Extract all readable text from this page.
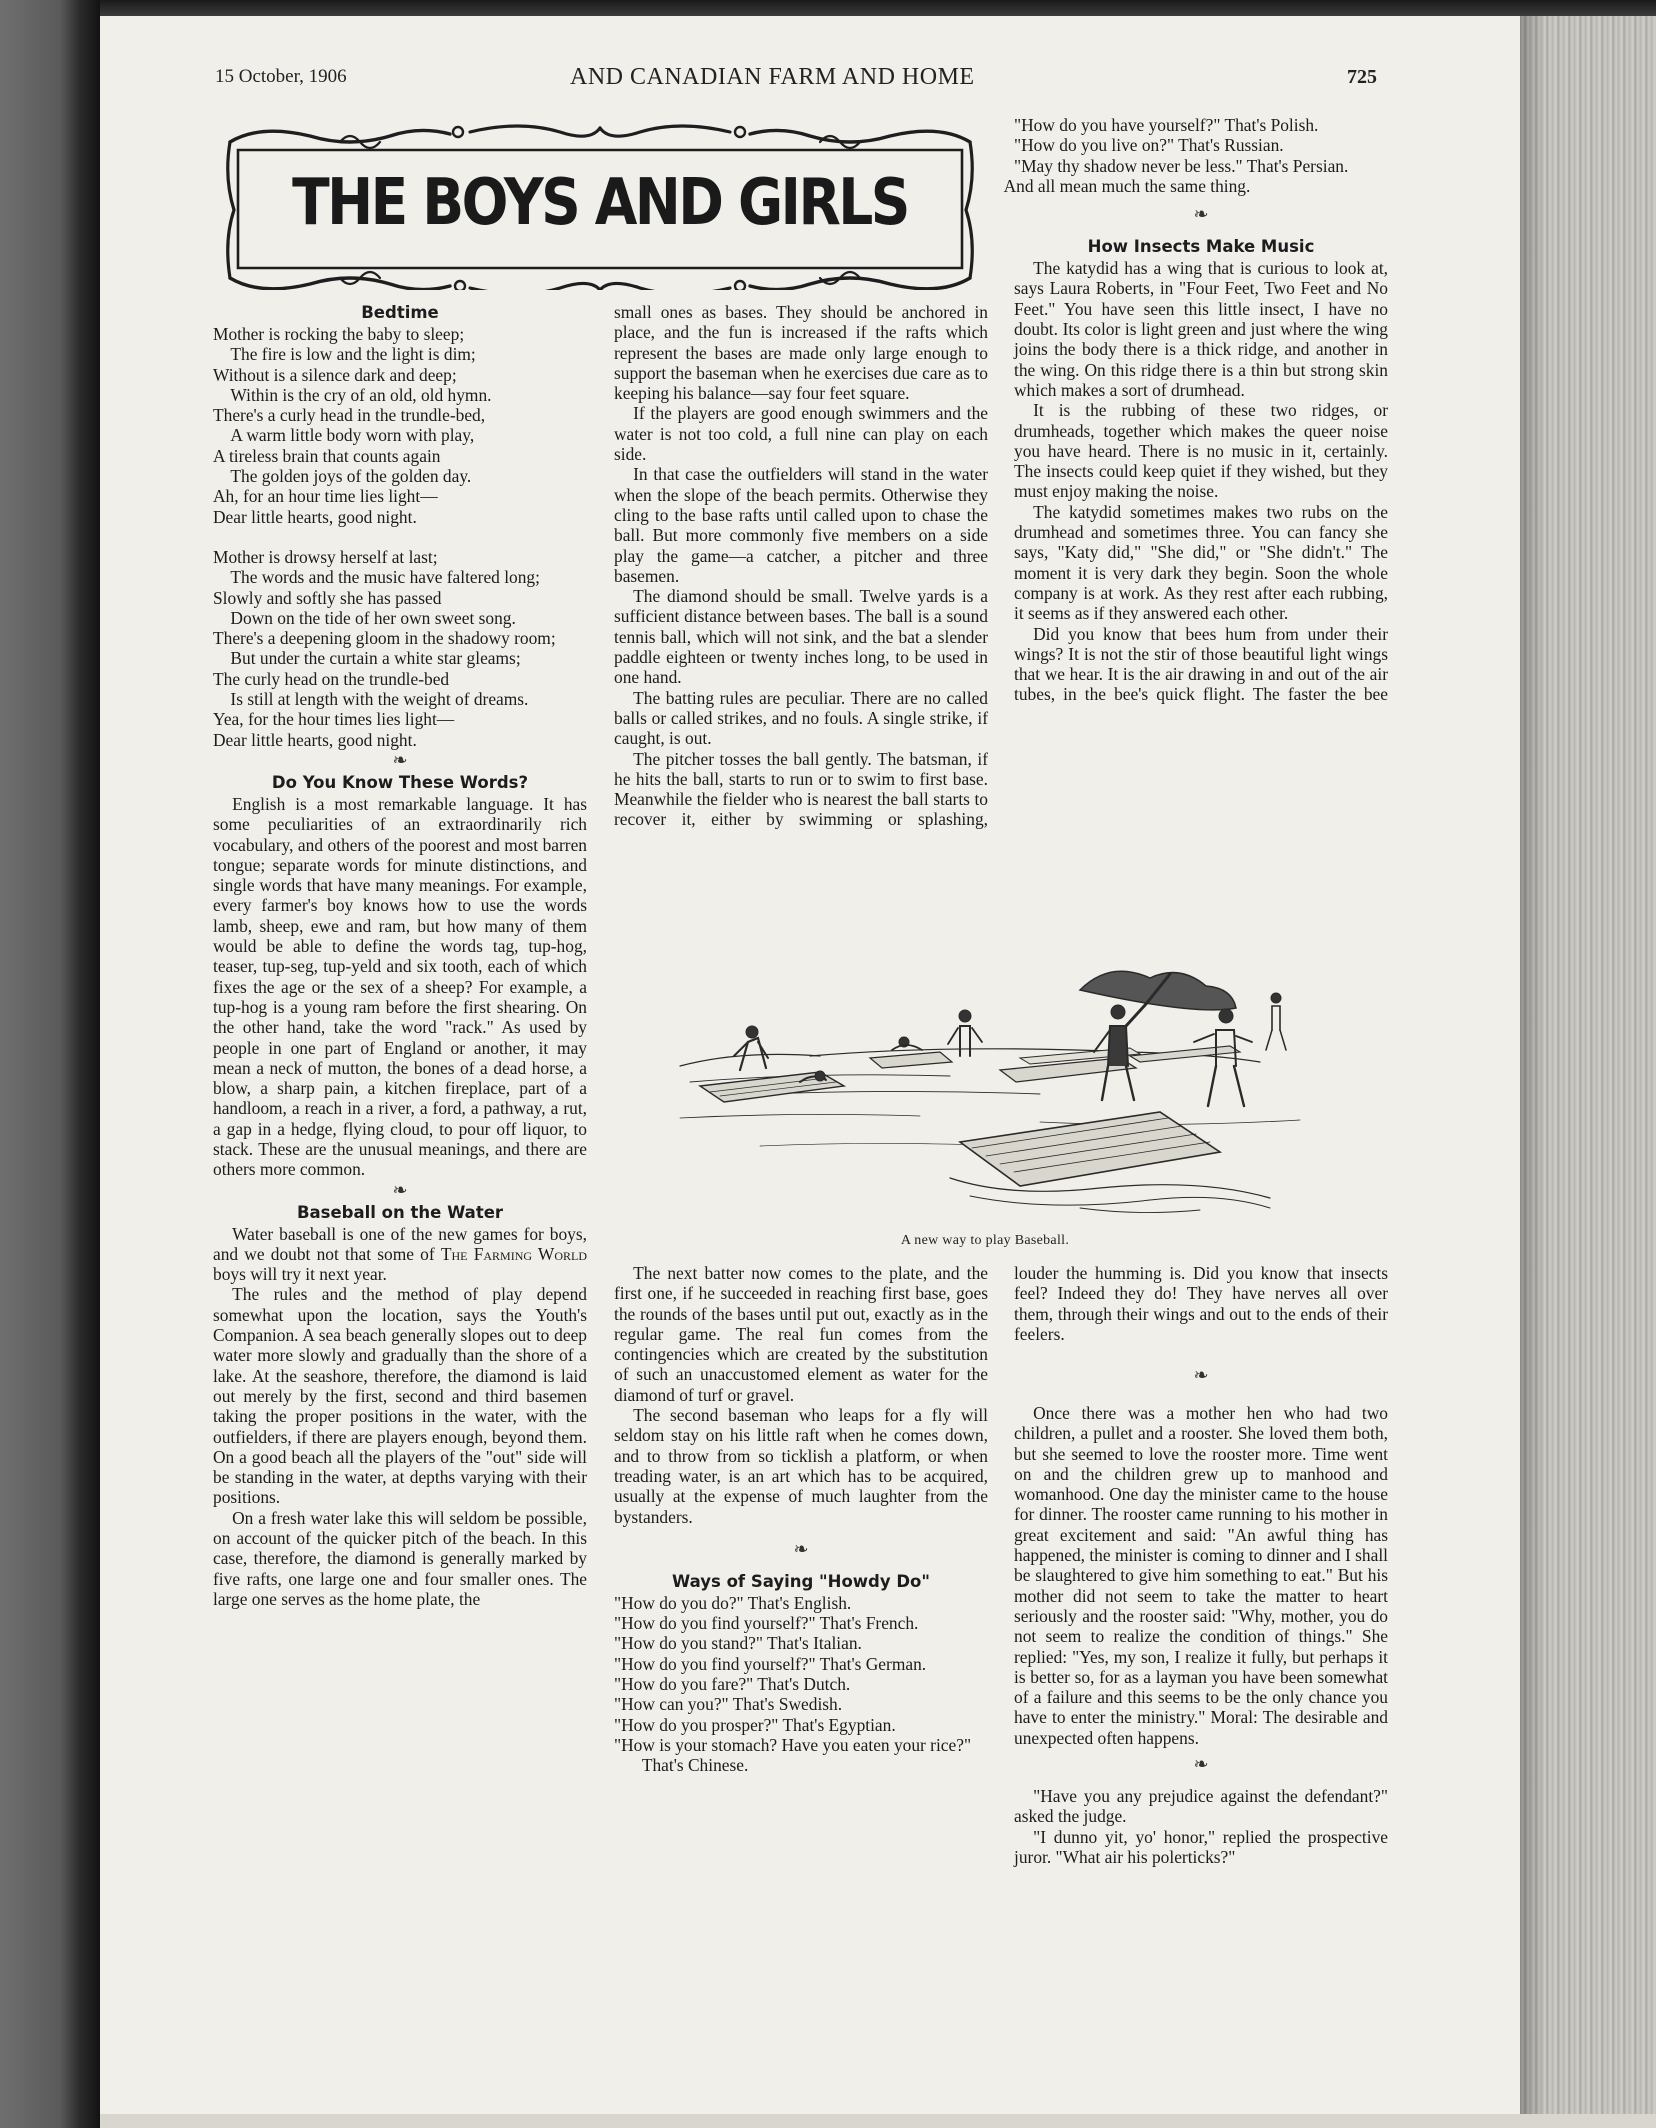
15 October, 1906	AND CANADIAN FARM AND HOME	725
THE BOYS AND GIRLS
Bedtime

Mother is rocking the baby to sleep;

The fire is low and the light is dim;

Without is a silence dark and deep;

Within is the cry of an old, old hymn.

There's a curly head in the trundle-bed,

A warm little body worn with play,

A tireless brain that counts again

The golden joys of the golden day.

Ah, for an hour time lies light—

Dear little hearts, good night.

Mother is drowsy herself at last;

The words and the music have faltered long;

Slowly and softly she has passed

Down on the tide of her own sweet song.

There's a deepening gloom in the shadowy room;

But under the curtain a white star gleams;

The curly head on the trundle-bed

Is still at length with the weight of dreams.

Yea, for the hour times lies light—

Dear little hearts, good night.

❧
Do You Know These Words?

English is a most remarkable language. It has some peculiarities of an extraordinarily rich vocabulary, and others of the poorest and most barren tongue; separate words for minute distinctions, and single words that have many meanings. For example, every farmer's boy knows how to use the words lamb, sheep, ewe and ram, but how many of them would be able to define the words tag, tup-hog, teaser, tup-seg, tup-yeld and six tooth, each of which fixes the age or the sex of a sheep? For example, a tup-hog is a young ram before the first shearing. On the other hand, take the word "rack." As used by people in one part of England or another, it may mean a neck of mutton, the bones of a dead horse, a blow, a sharp pain, a kitchen fireplace, part of a handloom, a reach in a river, a ford, a pathway, a rut, a gap in a hedge, flying cloud, to pour off liquor, to stack. These are the unusual meanings, and there are others more common.

❧
Baseball on the Water

Water baseball is one of the new games for boys, and we doubt not that some of The Farming World boys will try it next year.

The rules and the method of play depend somewhat upon the location, says the Youth's Companion. A sea beach generally slopes out to deep water more slowly and gradually than the shore of a lake. At the seashore, therefore, the diamond is laid out merely by the first, second and third basemen taking the proper positions in the water, with the outfielders, if there are players enough, beyond them. On a good beach all the players of the "out" side will be standing in the water, at depths varying with their positions.

On a fresh water lake this will seldom be possible, on account of the quicker pitch of the beach. In this case, therefore, the diamond is generally marked by five rafts, one large one and four smaller ones. The large one serves as the home plate, the

small ones as bases. They should be anchored in place, and the fun is increased if the rafts which represent the bases are made only large enough to support the baseman when he exercises due care as to keeping his balance—say four feet square.

If the players are good enough swimmers and the water is not too cold, a full nine can play on each side.

In that case the outfielders will stand in the water when the slope of the beach permits. Otherwise they cling to the base rafts until called upon to chase the ball. But more commonly five members on a side play the game—a catcher, a pitcher and three basemen.

The diamond should be small. Twelve yards is a sufficient distance between bases. The ball is a sound tennis ball, which will not sink, and the bat a slender paddle eighteen or twenty inches long, to be used in one hand.

The batting rules are peculiar. There are no called balls or called strikes, and no fouls. A single strike, if caught, is out.

The pitcher tosses the ball gently. The batsman, if he hits the ball, starts to run or to swim to first base. Meanwhile the fielder who is nearest the ball starts to recover it, either by swimming or splashing,

A new way to play Baseball.

The next batter now comes to the plate, and the first one, if he succeeded in reaching first base, goes the rounds of the bases until put out, exactly as in the regular game. The real fun comes from the contingencies which are created by the substitution of such an unaccustomed element as water for the diamond of turf or gravel.

The second baseman who leaps for a fly will seldom stay on his little raft when he comes down, and to throw from so ticklish a platform, or when treading water, is an art which has to be acquired, usually at the expense of much laughter from the bystanders.

❧
Ways of Saying "Howdy Do"

"How do you do?" That's English.

"How do you find yourself?" That's French.

"How do you stand?" That's Italian.

"How do you find yourself?" That's German.

"How do you fare?" That's Dutch.

"How can you?" That's Swedish.

"How do you prosper?" That's Egyptian.

"How is your stomach? Have you eaten your rice?" That's Chinese.

"How do you have yourself?" That's Polish.

"How do you live on?" That's Russian.

"May thy shadow never be less." That's Persian.

And all mean much the same thing.

❧
How Insects Make Music

The katydid has a wing that is curious to look at, says Laura Roberts, in "Four Feet, Two Feet and No Feet." You have seen this little insect, I have no doubt. Its color is light green and just where the wing joins the body there is a thick ridge, and another in the wing. On this ridge there is a thin but strong skin which makes a sort of drumhead.

It is the rubbing of these two ridges, or drumheads, together which makes the queer noise you have heard. There is no music in it, certainly. The insects could keep quiet if they wished, but they must enjoy making the noise.

The katydid sometimes makes two rubs on the drumhead and sometimes three. You can fancy she says, "Katy did," "She did," or "She didn't." The moment it is very dark they begin. Soon the whole company is at work. As they rest after each rubbing, it seems as if they answered each other.

Did you know that bees hum from under their wings? It is not the stir of those beautiful light wings that we hear. It is the air drawing in and out of the air tubes, in the bee's quick flight. The faster the bee

louder the humming is. Did you know that insects feel? Indeed they do! They have nerves all over them, through their wings and out to the ends of their feelers.

❧

Once there was a mother hen who had two children, a pullet and a rooster. She loved them both, but she seemed to love the rooster more. Time went on and the children grew up to manhood and womanhood. One day the minister came to the house for dinner. The rooster came running to his mother in great excitement and said: "An awful thing has happened, the minister is coming to dinner and I shall be slaughtered to give him something to eat." But his mother did not seem to take the matter to heart seriously and the rooster said: "Why, mother, you do not seem to realize the condition of things." She replied: "Yes, my son, I realize it fully, but perhaps it is better so, for as a layman you have been somewhat of a failure and this seems to be the only chance you have to enter the ministry." Moral: The desirable and unexpected often happens.

❧

"Have you any prejudice against the defendant?" asked the judge.

"I dunno yit, yo' honor," replied the prospective juror. "What air his polerticks?"
